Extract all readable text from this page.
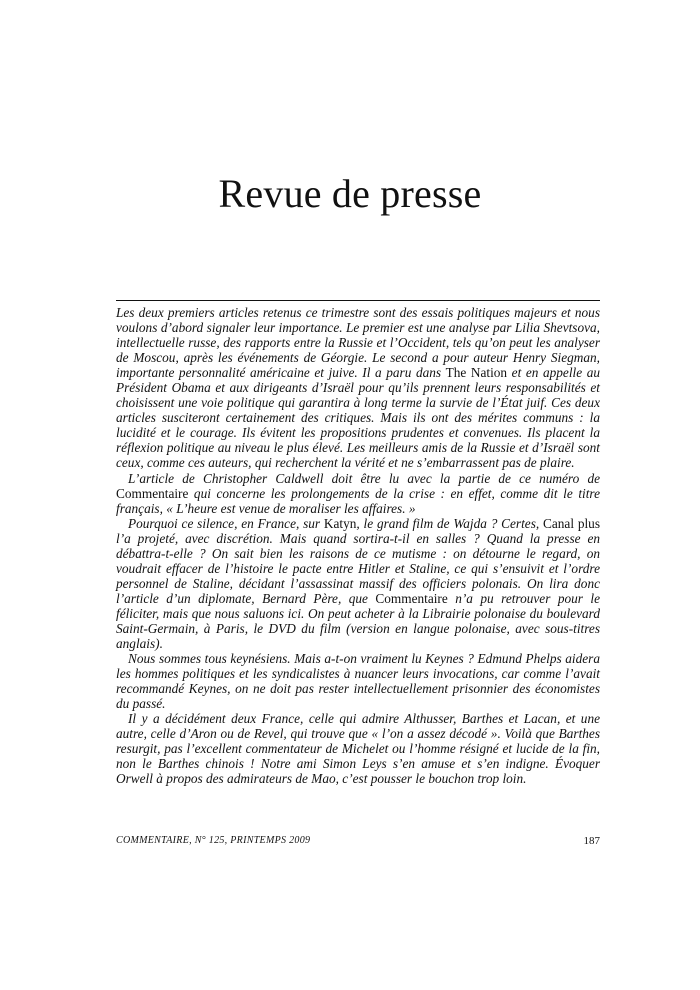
Revue de presse

Les deux premiers articles retenus ce trimestre sont des essais politiques majeurs et nous voulons d’abord signaler leur importance. Le premier est une analyse par Lilia Shevtsova, intellectuelle russe, des rapports entre la Russie et l’Occident, tels qu’on peut les analyser de Moscou, après les événements de Géorgie. Le second a pour auteur Henry Siegman, importante personnalité américaine et juive. Il a paru dans The Nation et en appelle au Président Obama et aux dirigeants d’Israël pour qu’ils prennent leurs responsabilités et choisissent une voie politique qui garantira à long terme la survie de l’État juif. Ces deux articles susciteront certainement des critiques. Mais ils ont des mérites communs : la lucidité et le courage. Ils évitent les propositions prudentes et convenues. Ils placent la réflexion politique au niveau le plus élevé. Les meilleurs amis de la Russie et d’Israël sont ceux, comme ces auteurs, qui recherchent la vérité et ne s’embarrassent pas de plaire.

L’article de Christopher Caldwell doit être lu avec la partie de ce numéro de Commentaire qui concerne les prolongements de la crise : en effet, comme dit le titre français, « L’heure est venue de moraliser les affaires. »

Pourquoi ce silence, en France, sur Katyn, le grand film de Wajda ? Certes, Canal plus l’a projeté, avec discrétion. Mais quand sortira-t-il en salles ? Quand la presse en débattra-t-elle ? On sait bien les raisons de ce mutisme : on détourne le regard, on voudrait effacer de l’histoire le pacte entre Hitler et Staline, ce qui s’ensuivit et l’ordre personnel de Staline, décidant l’assassinat massif des officiers polonais. On lira donc l’article d’un diplomate, Bernard Père, que Commentaire n’a pu retrouver pour le féliciter, mais que nous saluons ici. On peut acheter à la Librairie polonaise du boulevard Saint-Germain, à Paris, le DVD du film (version en langue polonaise, avec sous-titres anglais).

Nous sommes tous keynésiens. Mais a-t-on vraiment lu Keynes ? Edmund Phelps aidera les hommes politiques et les syndicalistes à nuancer leurs invocations, car comme l’avait recommandé Keynes, on ne doit pas rester intellectuellement prisonnier des économistes du passé.

Il y a décidément deux France, celle qui admire Althusser, Barthes et Lacan, et une autre, celle d’Aron ou de Revel, qui trouve que « l’on a assez décodé ». Voilà que Barthes resurgit, pas l’excellent commentateur de Michelet ou l’homme résigné et lucide de la fin, non le Barthes chinois ! Notre ami Simon Leys s’en amuse et s’en indigne. Évoquer Orwell à propos des admirateurs de Mao, c’est pousser le bouchon trop loin.

COMMENTAIRE, N° 125, PRINTEMPS 2009	187
